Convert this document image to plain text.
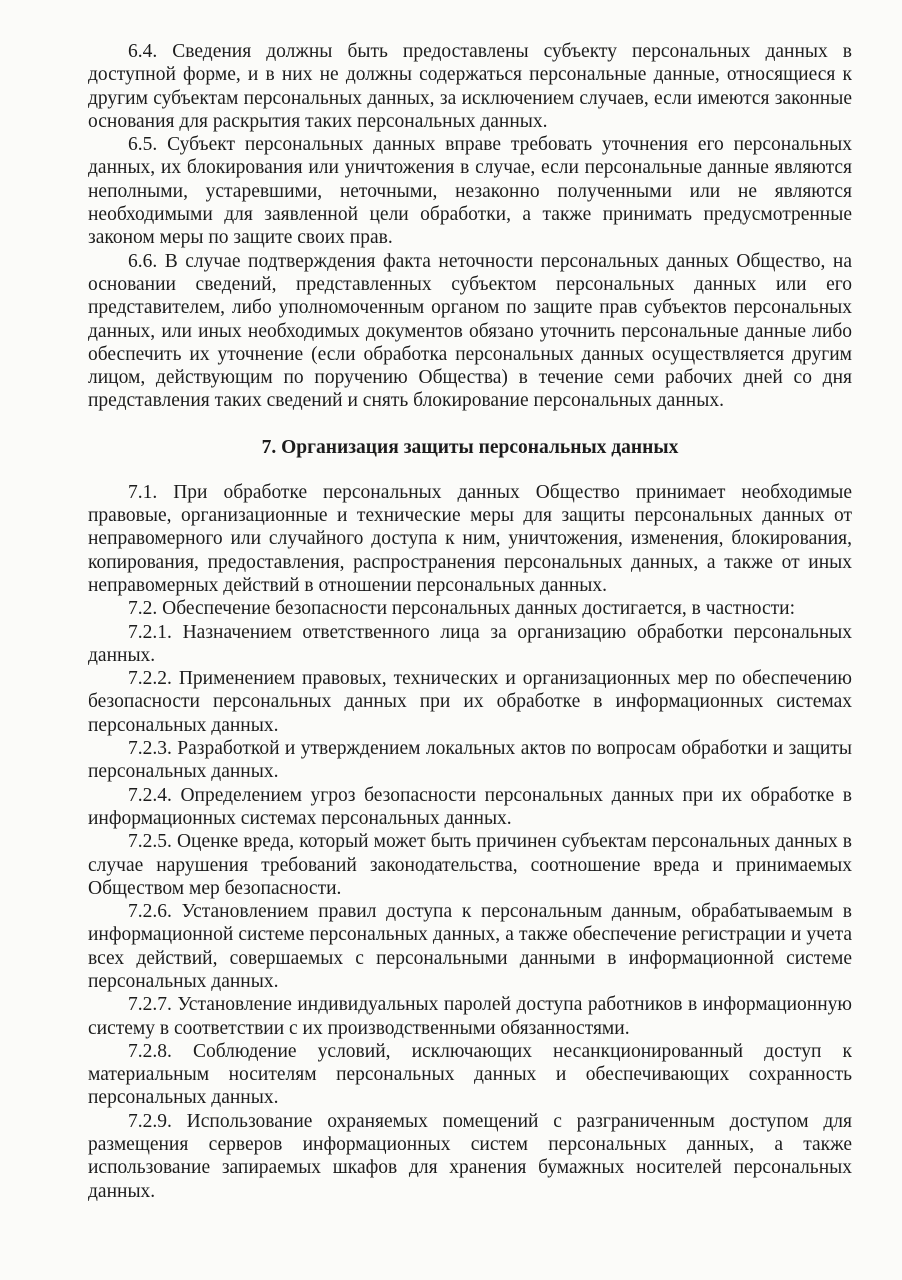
6.4. Сведения должны быть предоставлены субъекту персональных данных в доступной форме, и в них не должны содержаться персональные данные, относящиеся к другим субъектам персональных данных, за исключением случаев, если имеются законные основания для раскрытия таких персональных данных.

6.5. Субъект персональных данных вправе требовать уточнения его персональных данных, их блокирования или уничтожения в случае, если персональные данные являются неполными, устаревшими, неточными, незаконно полученными или не являются необходимыми для заявленной цели обработки, а также принимать предусмотренные законом меры по защите своих прав.

6.6. В случае подтверждения факта неточности персональных данных Общество, на основании сведений, представленных субъектом персональных данных или его представителем, либо уполномоченным органом по защите прав субъектов персональных данных, или иных необходимых документов обязано уточнить персональные данные либо обеспечить их уточнение (если обработка персональных данных осуществляется другим лицом, действующим по поручению Общества) в течение семи рабочих дней со дня представления таких сведений и снять блокирование персональных данных.

7. Организация защиты персональных данных

7.1. При обработке персональных данных Общество принимает необходимые правовые, организационные и технические меры для защиты персональных данных от неправомерного или случайного доступа к ним, уничтожения, изменения, блокирования, копирования, предоставления, распространения персональных данных, а также от иных неправомерных действий в отношении персональных данных.

7.2. Обеспечение безопасности персональных данных достигается, в частности:

7.2.1. Назначением ответственного лица за организацию обработки персональных данных.

7.2.2. Применением правовых, технических и организационных мер по обеспечению безопасности персональных данных при их обработке в информационных системах персональных данных.

7.2.3. Разработкой и утверждением локальных актов по вопросам обработки и защиты персональных данных.

7.2.4. Определением угроз безопасности персональных данных при их обработке в информационных системах персональных данных.

7.2.5. Оценке вреда, который может быть причинен субъектам персональных данных в случае нарушения требований законодательства, соотношение вреда и принимаемых Обществом мер безопасности.

7.2.6. Установлением правил доступа к персональным данным, обрабатываемым в информационной системе персональных данных, а также обеспечение регистрации и учета всех действий, совершаемых с персональными данными в информационной системе персональных данных.

7.2.7. Установление индивидуальных паролей доступа работников в информационную систему в соответствии с их производственными обязанностями.

7.2.8. Соблюдение условий, исключающих несанкционированный доступ к материальным носителям персональных данных и обеспечивающих сохранность персональных данных.

7.2.9. Использование охраняемых помещений с разграниченным доступом для размещения серверов информационных систем персональных данных, а также использование запираемых шкафов для хранения бумажных носителей персональных данных.
